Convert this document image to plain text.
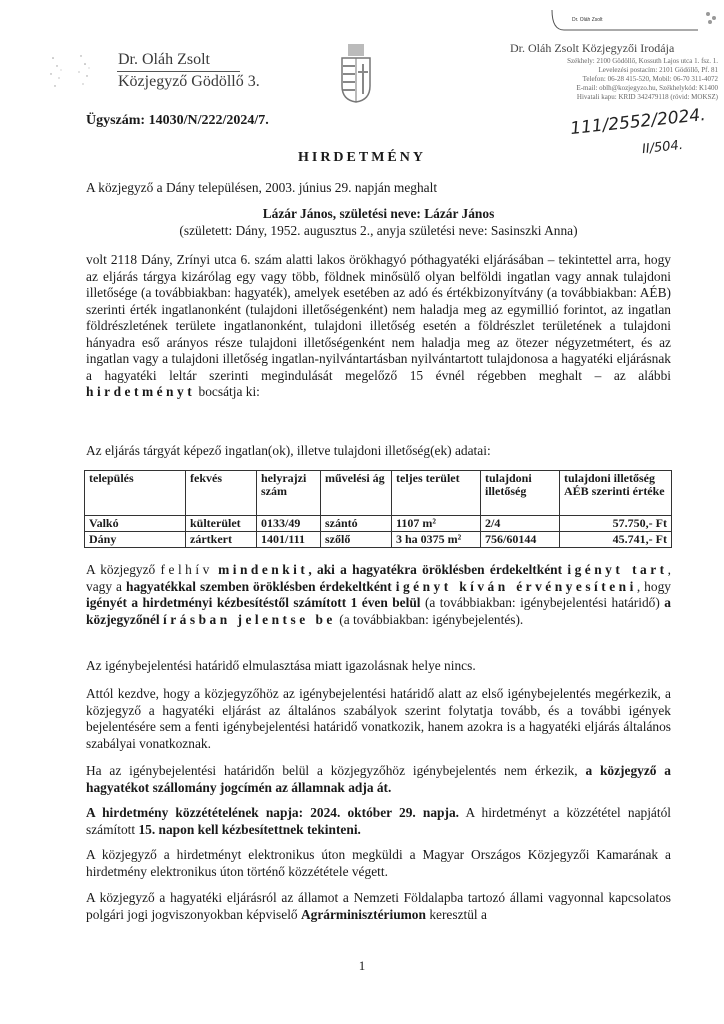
Dr. Oláh Zsolt
Közjegyző Gödöllő 3.
Dr. Oláh Zsolt
Dr. Oláh Zsolt Közjegyzői Irodája
Székhely: 2100 Gödöllő, Kossuth Lajos utca 1. fsz. 1.
Levelezési postacím: 2101 Gödöllő, Pf. 81
Telefon: 06-28 415-520, Mobil: 06-70 311-4072
E-mail: oblh@kozjegyzo.hu, Székhelykód: K1400
Hivatali kapu: KRID 342479118 (rövid: MOKSZ)
Ügyszám: 14030/N/222/2024/7.	111/2552/2024.
II/504.
HIRDETMÉNY
A közjegyző a Dány településen, 2003. június 29. napján meghalt
Lázár János, születési neve: Lázár János
(született: Dány, 1952. augusztus 2., anyja születési neve: Sasinszki Anna)
volt 2118 Dány, Zrínyi utca 6. szám alatti lakos örökhagyó póthagyatéki eljárásában – tekintettel arra, hogy az eljárás tárgya kizárólag egy vagy több, földnek minősülő olyan belföldi ingatlan vagy annak tulajdoni illetősége (a továbbiakban: hagyaték), amelyek esetében az adó és értékbizonyítvány (a továbbiakban: AÉB) szerinti érték ingatlanonként (tulajdoni illetőségenként) nem haladja meg az egymillió forintot, az ingatlan földrészletének területe ingatlanonként, tulajdoni illetőség esetén a földrészlet területének a tulajdoni hányadra eső arányos része tulajdoni illetőségenként nem haladja meg az ötezer négyzetmétert, és az ingatlan vagy a tulajdoni illetőség ingatlan-nyilvántartásban nyilvántartott tulajdonosa a hagyatéki eljárásnak a hagyatéki leltár szerinti megindulását megelőző 15 évnél régebben meghalt – az alábbi hirdetményt bocsátja ki:
Az eljárás tárgyát képező ingatlan(ok), illetve tulajdoni illetőség(ek) adatai:
település	fekvés	helyrajzi szám	művelési ág	teljes terület	tulajdoni illetőség	tulajdoni illetőség AÉB szerinti értéke
Valkó	külterület	0133/49	szántó	1107 m²	2/4	57.750,- Ft
Dány	zártkert	1401/111	szőlő	3 ha 0375 m²	756/60144	45.741,- Ft
A közjegyző felhív mindenkit, aki a hagyatékra öröklésben érdekeltként igényt tart, vagy a hagyatékkal szemben öröklésben érdekeltként igényt kíván érvényesíteni, hogy igényét a hirdetményi kézbesítéstől számított 1 éven belül (a továbbiakban: igénybejelentési határidő) a közjegyzőnél írásban jelentse be (a továbbiakban: igénybejelentés).
Az igénybejelentési határidő elmulasztása miatt igazolásnak helye nincs.
Attól kezdve, hogy a közjegyzőhöz az igénybejelentési határidő alatt az első igénybejelentés megérkezik, a közjegyző a hagyatéki eljárást az általános szabályok szerint folytatja tovább, és a további igények bejelentésére sem a fenti igénybejelentési határidő vonatkozik, hanem azokra is a hagyatéki eljárás általános szabályai vonatkoznak.
Ha az igénybejelentési határidőn belül a közjegyzőhöz igénybejelentés nem érkezik, a közjegyző a hagyatékot szállomány jogcímén az államnak adja át.
A hirdetmény közzétételének napja: 2024. október 29. napja. A hirdetményt a közzététel napjától számított 15. napon kell kézbesítettnek tekinteni.
A közjegyző a hirdetményt elektronikus úton megküldi a Magyar Országos Közjegyzői Kamarának a hirdetmény elektronikus úton történő közzététele végett.
A közjegyző a hagyatéki eljárásról az államot a Nemzeti Földalapba tartozó állami vagyonnal kapcsolatos polgári jogi jogviszonyokban képviselő Agrárminisztériumon keresztül a
1
